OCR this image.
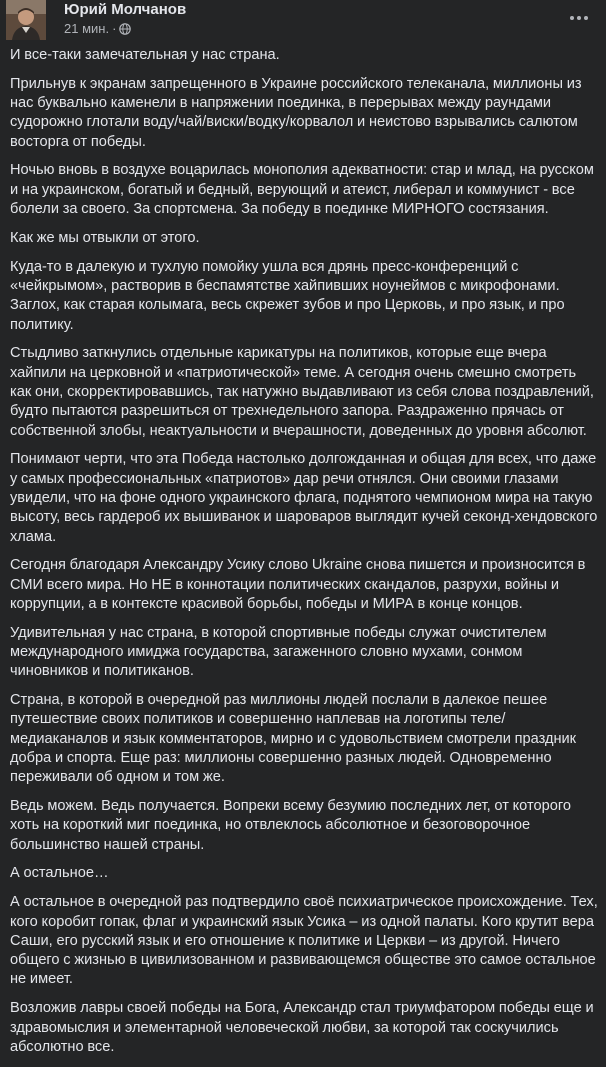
Юрий Молчанов
21 мин. ·

И все-таки замечательная у нас страна.

Прильнув к экранам запрещенного в Украине российского телеканала, миллионы из нас буквально каменели в напряжении поединка, в перерывах между раундами судорожно глотали воду/чай/виски/водку/корвалол и неистово взрывались салютом восторга от победы.

Ночью вновь в воздухе воцарилась монополия адекватности: стар и млад, на русском и на украинском, богатый и бедный, верующий и атеист, либерал и коммунист - все болели за своего. За спортсмена. За победу в поединке МИРНОГО состязания.

Как же мы отвыкли от этого.

Куда-то в далекую и тухлую помойку ушла вся дрянь пресс-конференций с «чейкрымом», растворив в беспамятстве хайпивших ноунеймов с микрофонами. Заглох, как старая колымага, весь скрежет зубов и про Церковь, и про язык, и про политику.

Стыдливо заткнулись отдельные карикатуры на политиков, которые еще вчера хайпили на церковной и «патриотической» теме. А сегодня очень смешно смотреть как они, скорректировавшись, так натужно выдавливают из себя слова поздравлений, будто пытаются разрешиться от трехнедельного запора. Раздраженно прячась от собственной злобы, неактуальности и вчерашности, доведенных до уровня абсолют.

Понимают черти, что эта Победа настолько долгожданная и общая для всех, что даже у самых профессиональных «патриотов» дар речи отнялся. Они своими глазами увидели, что на фоне одного украинского флага, поднятого чемпионом мира на такую высоту, весь гардероб их вышиванок и шароваров выглядит кучей секонд-хендовского хлама.

Сегодня благодаря Александру Усику слово Ukraine снова пишется и произносится в СМИ всего мира. Но НЕ в коннотации политических скандалов, разрухи, войны и коррупции, а в контексте красивой борьбы, победы и МИРА в конце концов.

Удивительная у нас страна, в которой спортивные победы служат очистителем международного имиджа государства, загаженного словно мухами, сонмом чиновников и политиканов.

Страна, в которой в очередной раз миллионы людей послали в далекое пешее путешествие своих политиков и совершенно наплевав на логотипы теле/медиаканалов и язык комментаторов, мирно и с удовольствием смотрели праздник добра и спорта. Еще раз: миллионы совершенно разных людей. Одновременно переживали об одном и том же.

Ведь можем. Ведь получается. Вопреки всему безумию последних лет, от которого хоть на короткий миг поединка, но отвлеклось абсолютное и безоговорочное большинство нашей страны.

А остальное…

А остальное в очередной раз подтвердило своё психиатрическое происхождение. Тех, кого коробит гопак, флаг и украинский язык Усика – из одной палаты. Кого крутит вера Саши, его русский язык и его отношение к политике и Церкви – из другой. Ничего общего с жизнью в цивилизованном и развивающемся обществе это самое остальное не имеет.

Возложив лавры своей победы на Бога, Александр стал триумфатором победы еще и здравомыслия и элементарной человеческой любви, за которой так соскучились абсолютно все.
